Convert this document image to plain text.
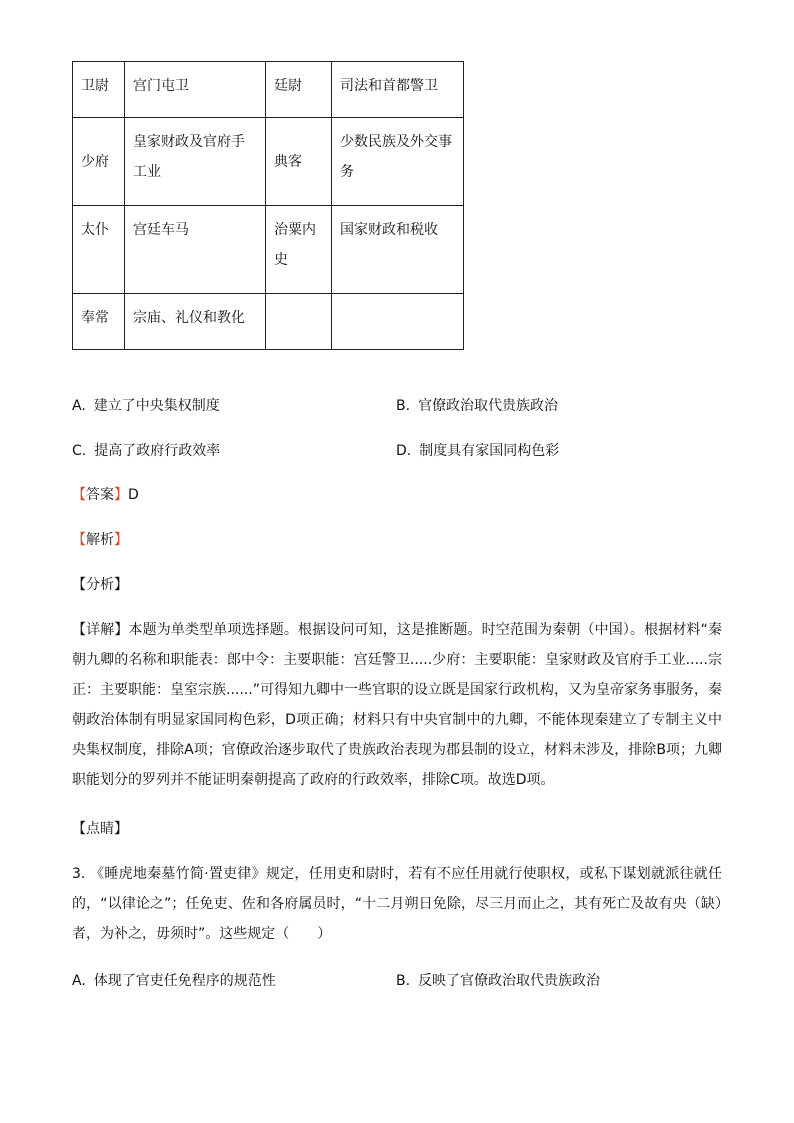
卫尉	宫门屯卫	廷尉	司法和首都警卫
少府	皇家财政及官府手工业	典客	少数民族及外交事务
太仆	宫廷车马	治粟内史	国家财政和税收
奉常	宗庙、礼仪和教化		
A. 建立了中央集权制度	B. 官僚政治取代贵族政治
C. 提高了政府行政效率	D. 制度具有家国同构色彩
【答案】D
【解析】
【分析】
【详解】本题为单类型单项选择题。根据设问可知，这是推断题。时空范围为秦朝（中国）。根据材料“秦朝九卿的名称和职能表：郎中令：主要职能：宫廷警卫.....少府：主要职能：皇家财政及官府手工业.....宗正：主要职能：皇室宗族......”可得知九卿中一些官职的设立既是国家行政机构，又为皇帝家务事服务，秦朝政治体制有明显家国同构色彩，D项正确；材料只有中央官制中的九卿，不能体现秦建立了专制主义中央集权制度，排除A项；官僚政治逐步取代了贵族政治表现为郡县制的设立，材料未涉及，排除B项；九卿职能划分的罗列并不能证明秦朝提高了政府的行政效率，排除C项。故选D项。
【点睛】
3. 《睡虎地秦墓竹简·置吏律》规定，任用吏和尉时，若有不应任用就行使职权，或私下谋划就派往就任的，“以律论之”；任免吏、佐和各府属员时，“十二月朔日免除，尽三月而止之，其有死亡及故有央（缺）者，为补之，毋须时”。这些规定（　　）
A. 体现了官吏任免程序的规范性	B. 反映了官僚政治取代贵族政治
